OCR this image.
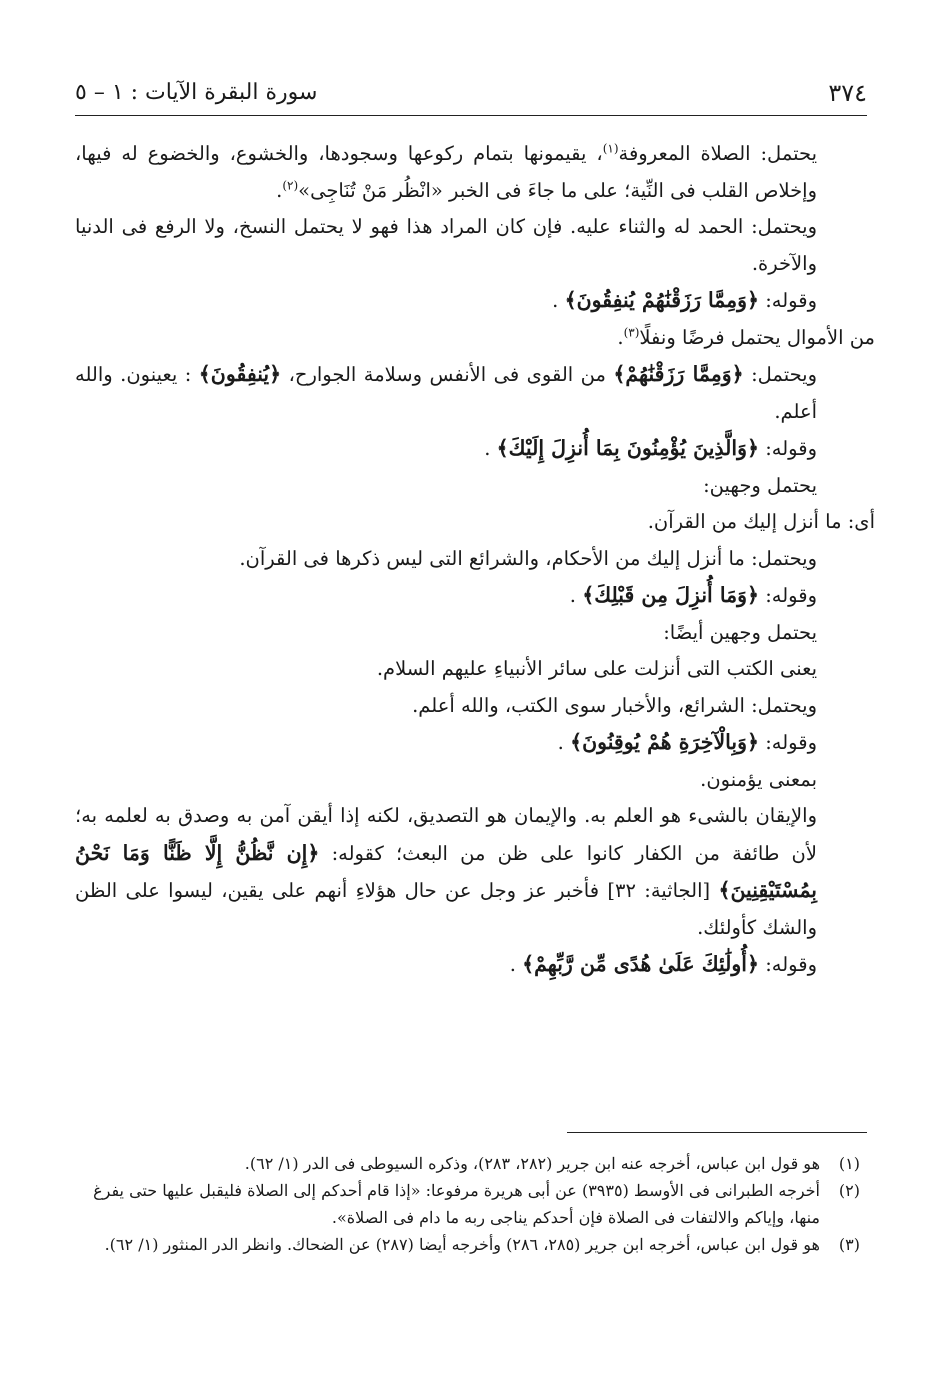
٣٧٤
سورة البقرة الآيات : ١ – ٥

يحتمل: الصلاة المعروفة$^{(١)}$، يقيمونها بتمام ركوعها وسجودها، والخشوع، والخضوع له فيها، وإخلاص القلب فى النِّية؛ على ما جاءَ فى الخبر «انْظُر مَنْ تُنَاجِى»$^{(٢)}$.

ويحتمل: الحمد له والثناء عليه. فإن كان المراد هذا فهو لا يحتمل النسخ، ولا الرفع فى الدنيا والآخرة.

وقوله: ﴿وَمِمَّا رَزَقْنَٰهُمْ يُنفِقُونَ﴾ .

من الأموال يحتمل فرضًا ونفلًا$^{(٣)}$.

ويحتمل: ﴿وَمِمَّا رَزَقْنَٰهُمْ﴾ من القوى فى الأنفس وسلامة الجوارح، ﴿يُنفِقُونَ﴾ : يعينون. والله أعلم.

وقوله: ﴿وَالَّذِينَ يُؤْمِنُونَ بِمَا أُنزِلَ إِلَيْكَ﴾ .

يحتمل وجهين:

أى: ما أنزل إليك من القرآن.

ويحتمل: ما أنزل إليك من الأحكام، والشرائع التى ليس ذكرها فى القرآن.

وقوله: ﴿وَمَا أُنزِلَ مِن قَبْلِكَ﴾ .

يحتمل وجهين أيضًا:

يعنى الكتب التى أنزلت على سائر الأنبياءِ عليهم السلام.

ويحتمل: الشرائع، والأخبار سوى الكتب، والله أعلم.

وقوله: ﴿وَبِالْآخِرَةِ هُمْ يُوقِنُونَ﴾ .

بمعنى يؤمنون.

والإيقان بالشىء هو العلم به. والإيمان هو التصديق، لكنه إذا أيقن آمن به وصدق به لعلمه به؛ لأن طائفة من الكفار كانوا على ظن من البعث؛ كقوله: ﴿إِن نَّظُنُّ إِلَّا ظَنًّا وَمَا نَحْنُ بِمُسْتَيْقِنِينَ﴾ [الجاثية: ٣٢] فأخبر عز وجل عن حال هؤلاءِ أنهم على يقين، ليسوا على الظن والشك كأولئك.

وقوله: ﴿أُولَٰئِكَ عَلَىٰ هُدًى مِّن رَّبِّهِمْ﴾ .

(١)
هو قول ابن عباس، أخرجه عنه ابن جرير (٢٨٢، ٢٨٣)، وذكره السيوطى فى الدر (١/ ٦٢).

(٢)
أخرجه الطبرانى فى الأوسط (٣٩٣٥) عن أبى هريرة مرفوعا: «إذا قام أحدكم إلى الصلاة فليقبل عليها حتى يفرغ منها، وإياكم والالتفات فى الصلاة فإن أحدكم يناجى ربه ما دام فى الصلاة».

(٣)
هو قول ابن عباس، أخرجه ابن جرير (٢٨٥، ٢٨٦) وأخرجه أيضا (٢٨٧) عن الضحاك. وانظر الدر المنثور (١/ ٦٢).
